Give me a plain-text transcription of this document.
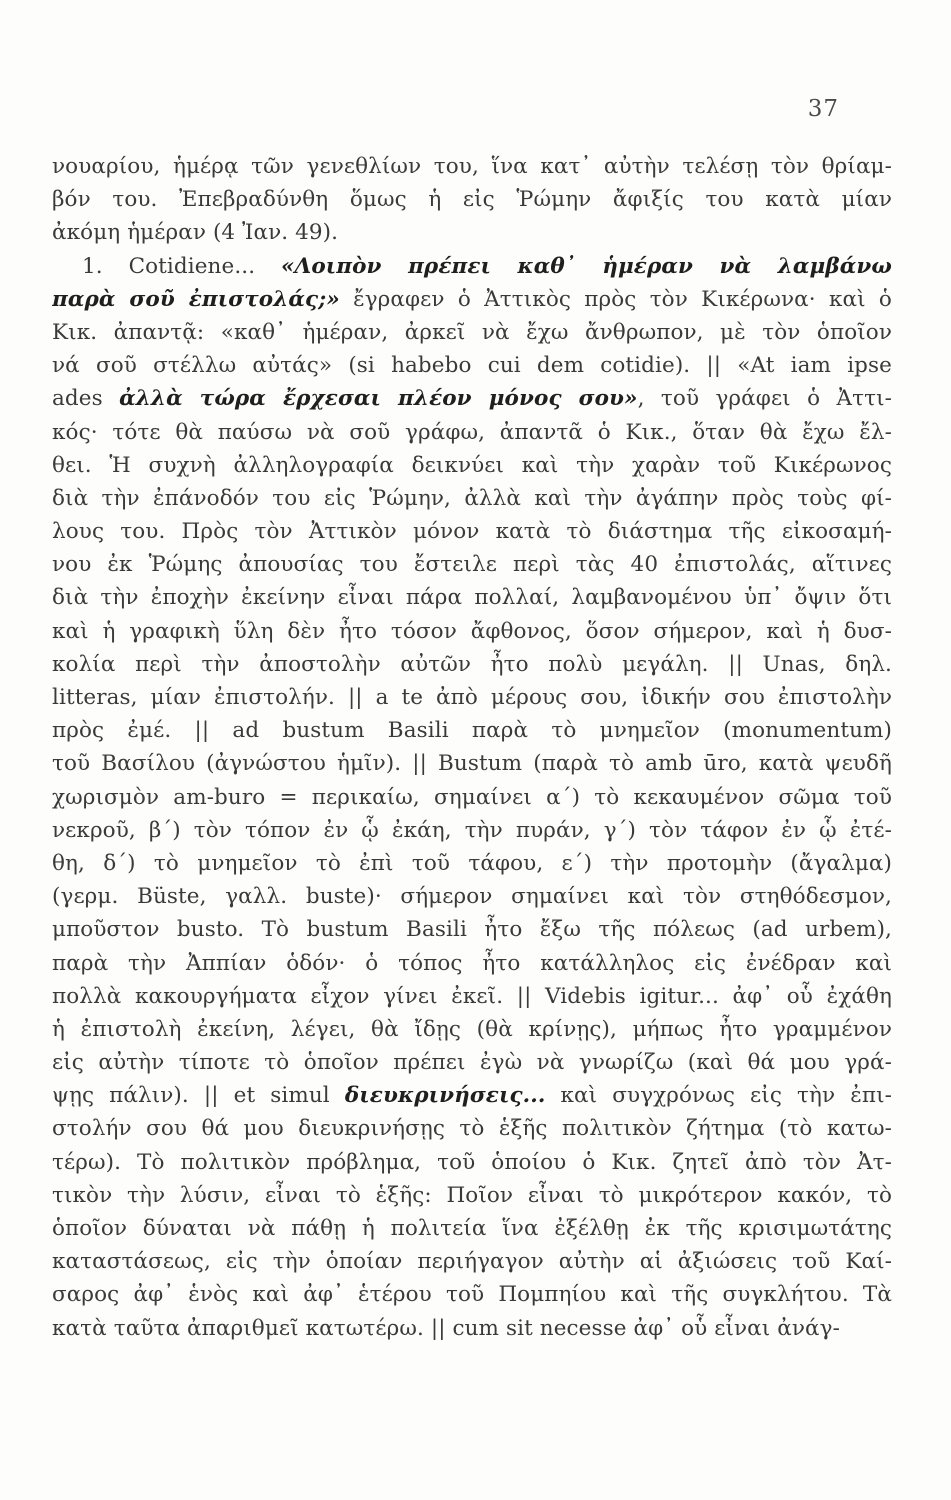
37
νουαρίου, ἡμέρᾳ τῶν γενεθλίων του, ἵνα κατ᾽ αὐτὴν τελέσῃ τὸν θρίαμ-
βόν του. Ἐπεβραδύνθη ὅμως ἡ εἰς Ῥώμην ἄφιξίς του κατὰ μίαν
ἀκόμη ἡμέραν (4 Ἰαν. 49).
1. Cotidiene... «Λοιπὸν πρέπει καθ᾽ ἡμέραν νὰ λαμβάνω
παρὰ σοῦ ἐπιστολάς;» ἔγραφεν ὁ Ἀττικὸς πρὸς τὸν Κικέρωνα· καὶ ὁ
Κικ. ἀπαντᾷ: «καθ᾽ ἡμέραν, ἀρκεῖ νὰ ἔχω ἄνθρωπον, μὲ τὸν ὁποῖον
νά σοῦ στέλλω αὐτάς» (si habebo cui dem cotidie). || «At iam ipse
ades ἀλλὰ τώρα ἔρχεσαι πλέον μόνος σου», τοῦ γράφει ὁ Ἀττι-
κός· τότε θὰ παύσω νὰ σοῦ γράφω, ἀπαντᾶ ὁ Κικ., ὅταν θὰ ἔχω ἔλ-
θει. Ἡ συχνὴ ἀλληλογραφία δεικνύει καὶ τὴν χαρὰν τοῦ Κικέρωνος
διὰ τὴν ἐπάνοδόν του εἰς Ῥώμην, ἀλλὰ καὶ τὴν ἀγάπην πρὸς τοὺς φί-
λους του. Πρὸς τὸν Ἀττικὸν μόνον κατὰ τὸ διάστημα τῆς εἰκοσαμή-
νου ἐκ Ῥώμης ἀπουσίας του ἔστειλε περὶ τὰς 40 ἐπιστολάς, αἵτινες
διὰ τὴν ἐποχὴν ἐκείνην εἶναι πάρα πολλαί, λαμβανομένου ὑπ᾽ ὄψιν ὅτι
καὶ ἡ γραφικὴ ὕλη δὲν ἦτο τόσον ἄφθονος, ὅσον σήμερον, καὶ ἡ δυσ-
κολία περὶ τὴν ἀποστολὴν αὐτῶν ἦτο πολὺ μεγάλη. || Unas, δηλ.
litteras, μίαν ἐπιστολήν. || a te ἀπὸ μέρους σου, ἰδικήν σου ἐπιστολὴν
πρὸς ἐμέ. || ad bustum Basili παρὰ τὸ μνημεῖον (monumentum)
τοῦ Βασίλου (ἀγνώστου ἡμῖν). || Bustum (παρὰ τὸ amb ūro, κατὰ ψευδῆ
χωρισμὸν am-buro = περικαίω, σημαίνει α΄) τὸ κεκαυμένον σῶμα τοῦ
νεκροῦ, β΄) τὸν τόπον ἐν ᾧ ἐκάη, τὴν πυράν, γ΄) τὸν τάφον ἐν ᾧ ἐτέ-
θη, δ΄) τὸ μνημεῖον τὸ ἐπὶ τοῦ τάφου, ε΄) τὴν προτομὴν (ἄγαλμα)
(γερμ. Büste, γαλλ. buste)· σήμερον σημαίνει καὶ τὸν στηθόδεσμον,
μποῦστον busto. Τὸ bustum Basili ἦτο ἔξω τῆς πόλεως (ad urbem),
παρὰ τὴν Ἀππίαν ὁδόν· ὁ τόπος ἦτο κατάλληλος εἰς ἐνέδραν καὶ
πολλὰ κακουργήματα εἶχον γίνει ἐκεῖ. || Videbis igitur... ἀφ᾽ οὗ ἐχάθη
ἡ ἐπιστολὴ ἐκείνη, λέγει, θὰ ἴδῃς (θὰ κρίνῃς), μήπως ἦτο γραμμένον
εἰς αὐτὴν τίποτε τὸ ὁποῖον πρέπει ἐγὼ νὰ γνωρίζω (καὶ θά μου γρά-
ψῃς πάλιν). || et simul διευκρινήσεις... καὶ συγχρόνως εἰς τὴν ἐπι-
στολήν σου θά μου διευκρινήσῃς τὸ ἑξῆς πολιτικὸν ζήτημα (τὸ κατω-
τέρω). Τὸ πολιτικὸν πρόβλημα, τοῦ ὁποίου ὁ Κικ. ζητεῖ ἀπὸ τὸν Ἀτ-
τικὸν τὴν λύσιν, εἶναι τὸ ἑξῆς: Ποῖον εἶναι τὸ μικρότερον κακόν, τὸ
ὁποῖον δύναται νὰ πάθῃ ἡ πολιτεία ἵνα ἐξέλθῃ ἐκ τῆς κρισιμωτάτης
καταστάσεως, εἰς τὴν ὁποίαν περιήγαγον αὐτὴν αἱ ἀξιώσεις τοῦ Καί-
σαρος ἀφ᾽ ἑνὸς καὶ ἀφ᾽ ἑτέρου τοῦ Πομπηίου καὶ τῆς συγκλήτου. Τὰ
κατὰ ταῦτα ἀπαριθμεῖ κατωτέρω. || cum sit necesse ἀφ᾽ οὗ εἶναι ἀνάγ-
